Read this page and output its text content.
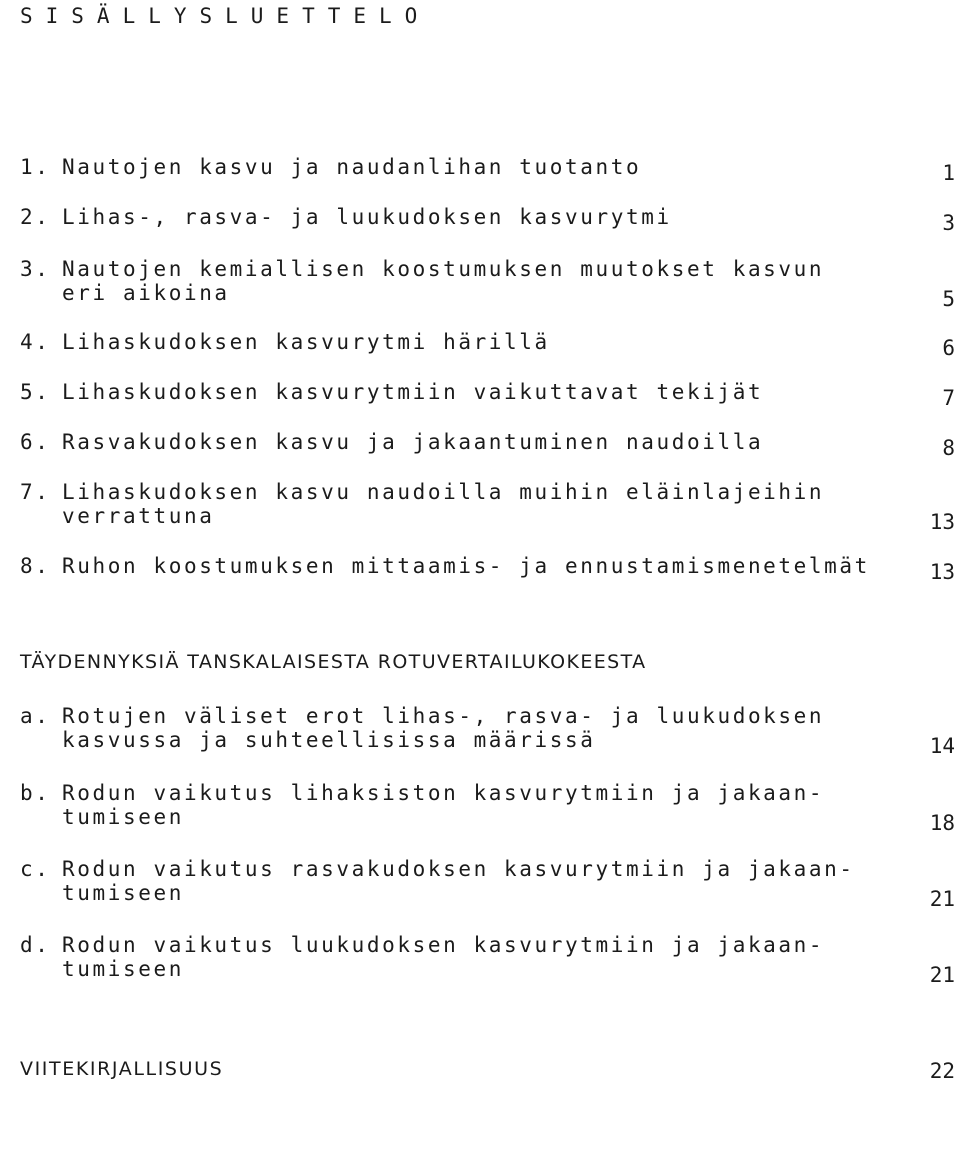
SISÄLLYSLUETTELO
1. Nautojen kasvu ja naudanlihan tuotanto	1
2. Lihas-, rasva- ja luukudoksen kasvurytmi	3
3. Nautojen kemiallisen koostumuksen muutokset kasvun
eri aikoina	5
4. Lihaskudoksen kasvurytmi härillä	6
5. Lihaskudoksen kasvurytmiin vaikuttavat tekijät	7
6. Rasvakudoksen kasvu ja jakaantuminen naudoilla	8
7. Lihaskudoksen kasvu naudoilla muihin eläinlajeihin
verrattuna	13
8. Ruhon koostumuksen mittaamis- ja ennustamismenetelmät	13
TÄYDENNYKSIÄ TANSKALAISESTA ROTUVERTAILUKOKEESTA
a. Rotujen väliset erot lihas-, rasva- ja luukudoksen
kasvussa ja suhteellisissa määrissä	14
b. Rodun vaikutus lihaksiston kasvurytmiin ja jakaan-
tumiseen	18
c. Rodun vaikutus rasvakudoksen kasvurytmiin ja jakaan-
tumiseen	21
d. Rodun vaikutus luukudoksen kasvurytmiin ja jakaan-
tumiseen	21
VIITEKIRJALLISUUS	22
